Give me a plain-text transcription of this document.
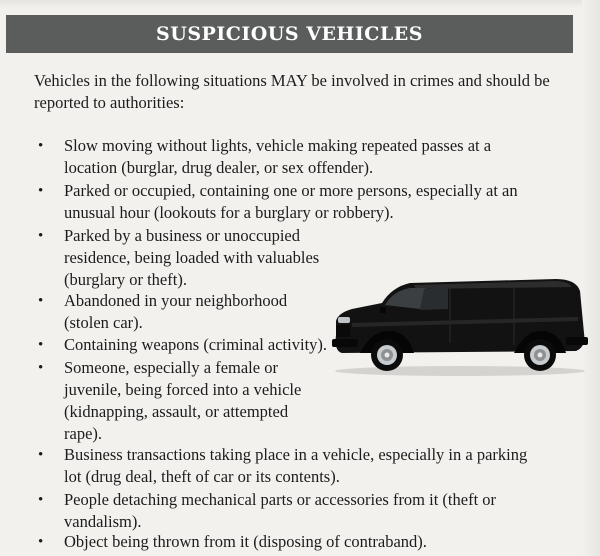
SUSPICIOUS VEHICLES
Vehicles in the following situations MAY be involved in crimes and should be reported to authorities:
•	Slow moving without lights, vehicle making repeated passes at a location (burglar, drug dealer, or sex offender).
•	Parked or occupied, containing one or more persons, especially at an unusual hour (lookouts for a burglary or robbery).
•	Parked by a business or unoccupied residence, being loaded with valuables (burglary or theft).
•	Abandoned in your neighborhood (stolen car).
•	Containing weapons (criminal activity).
•	Someone, especially a female or juvenile, being forced into a vehicle (kidnapping, assault, or attempted rape).
•	Business transactions taking place in a vehicle, especially in a parking lot (drug deal, theft of car or its contents).
•	People detaching mechanical parts or accessories from it (theft or vandalism).
•	Object being thrown from it (disposing of contraband).
